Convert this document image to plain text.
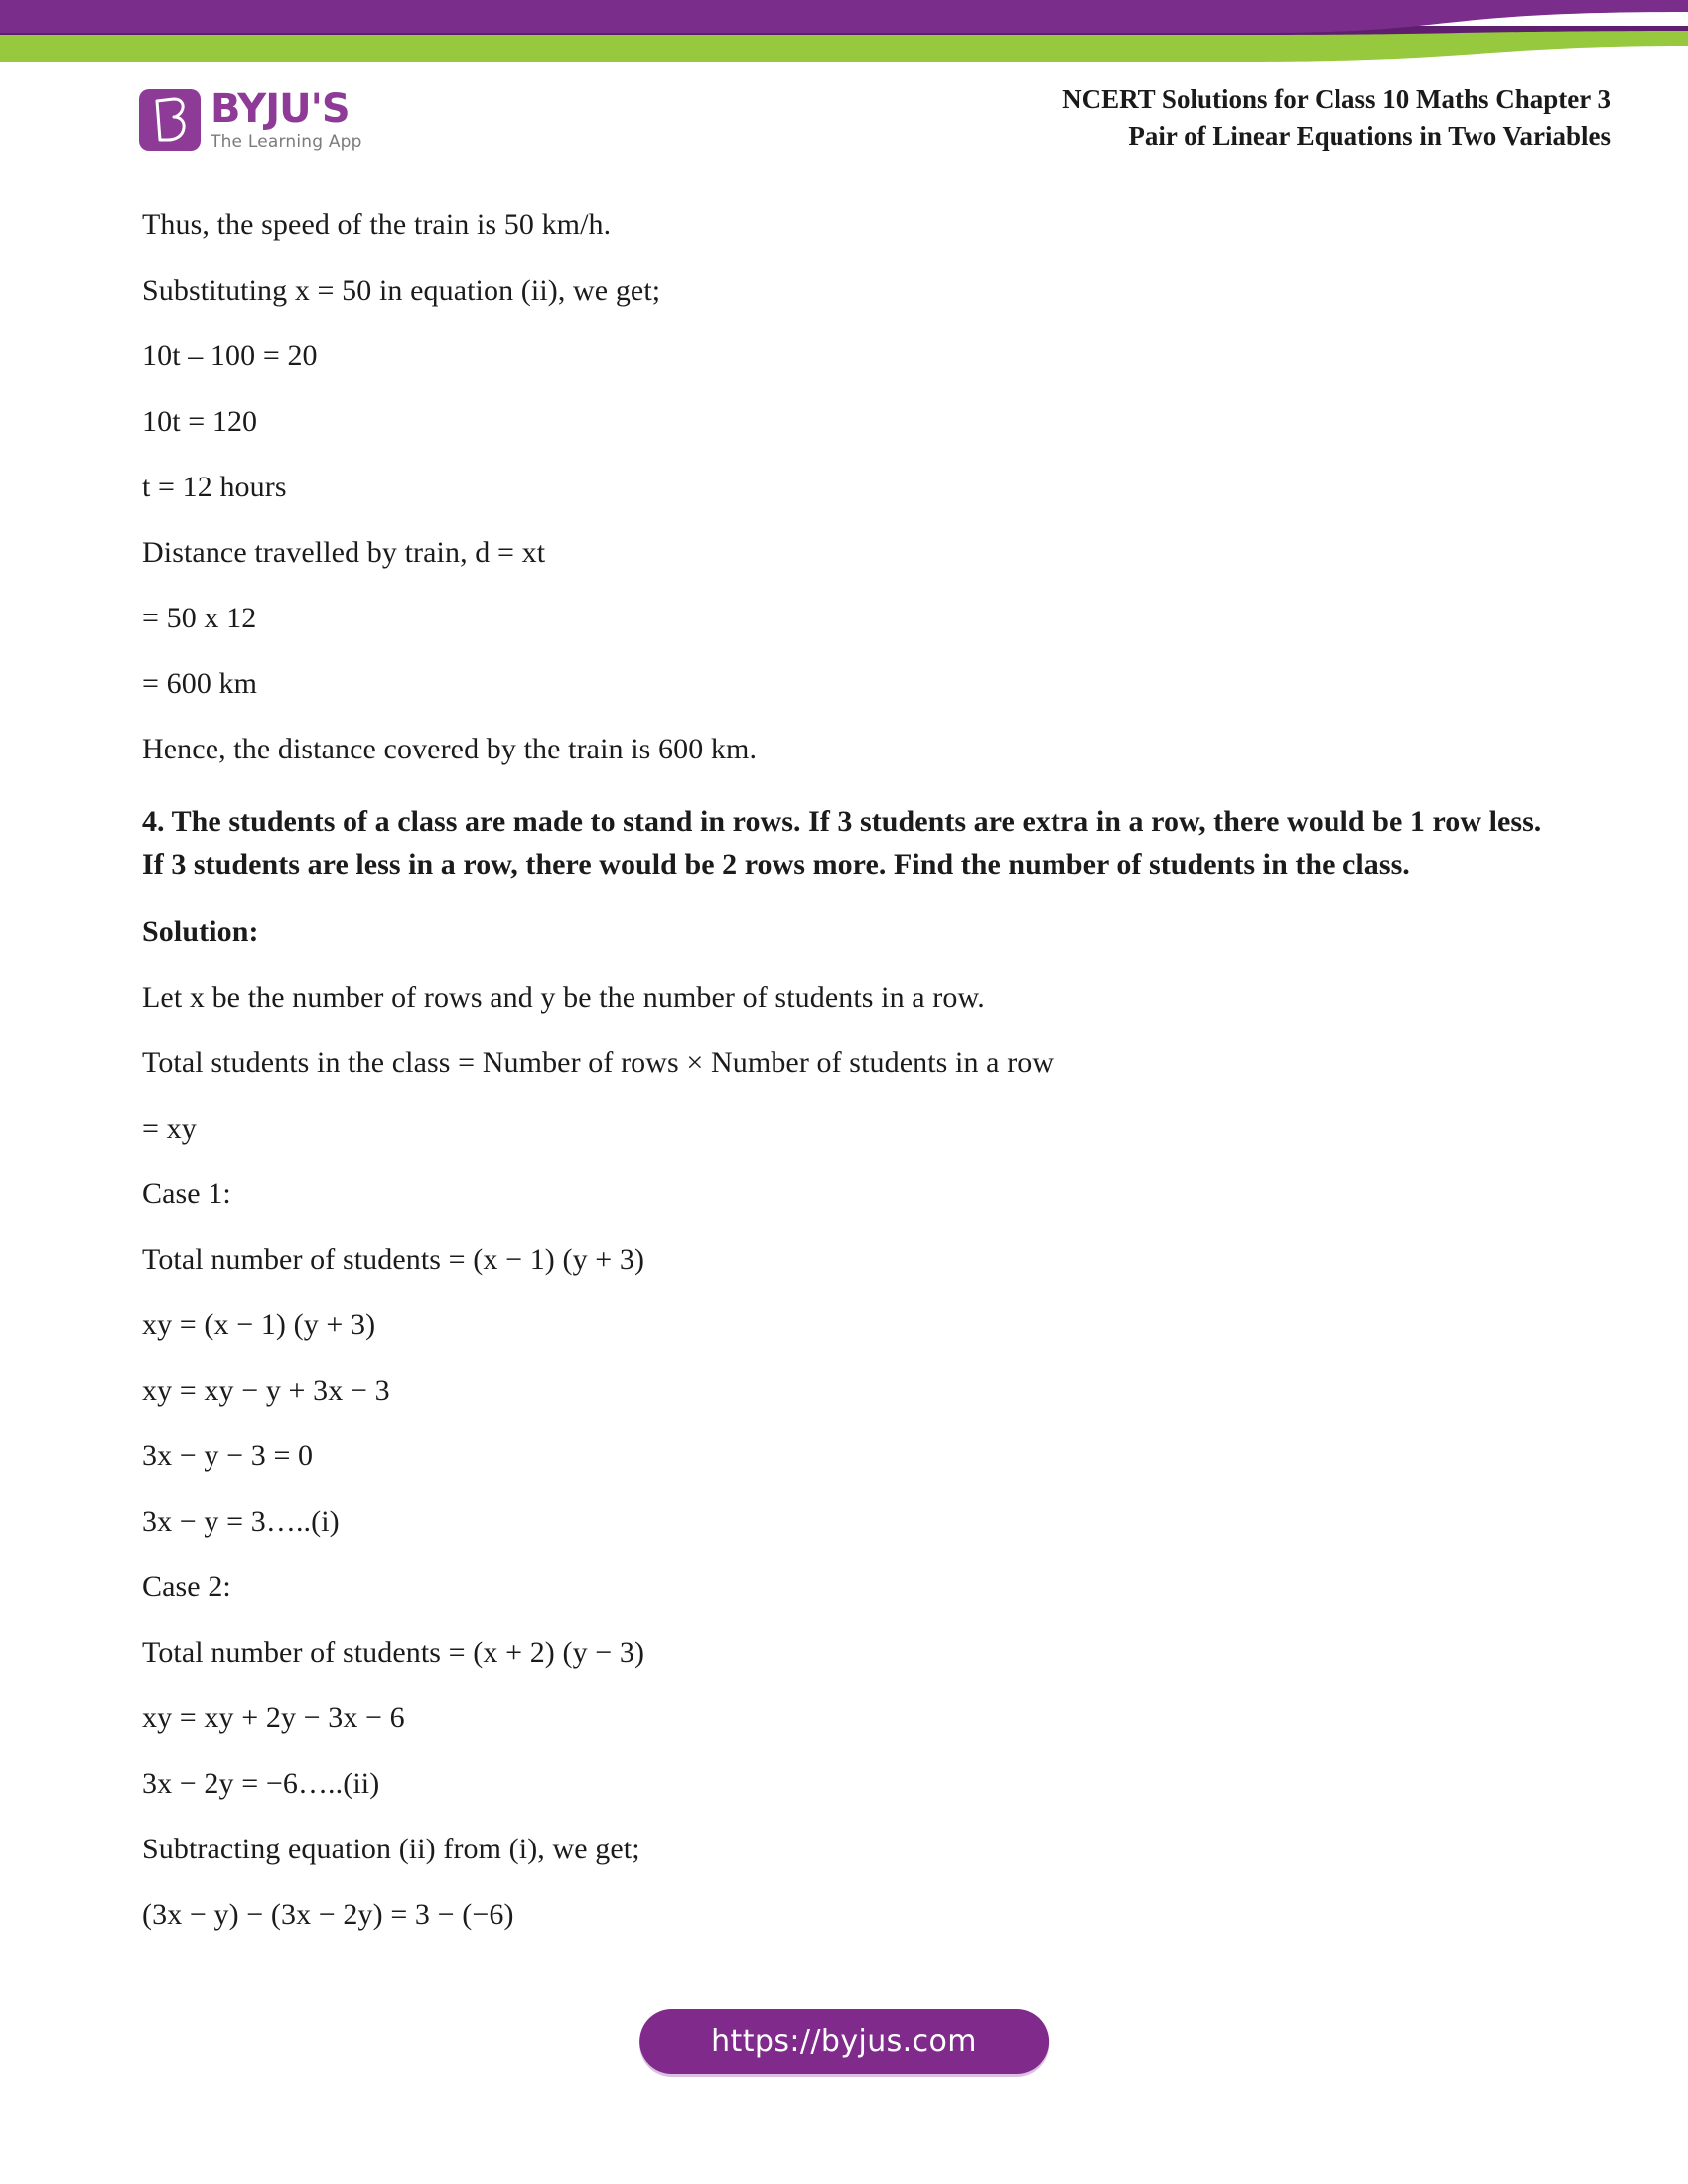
BYJU'S
The Learning App
NCERT Solutions for Class 10 Maths Chapter 3
Pair of Linear Equations in Two Variables

Thus, the speed of the train is 50 km/h.

Substituting x = 50 in equation (ii), we get;

10t – 100 = 20

10t = 120

t = 12 hours

Distance travelled by train, d = xt

= 50 x 12

= 600 km

Hence, the distance covered by the train is 600 km.

4. The students of a class are made to stand in rows. If 3 students are extra in a row, there would be 1 row less. If 3 students are less in a row, there would be 2 rows more. Find the number of students in the class.

Solution:

Let x be the number of rows and y be the number of students in a row.

Total students in the class = Number of rows × Number of students in a row

= xy

Case 1:

Total number of students = (x − 1) (y + 3)

xy = (x − 1) (y + 3)

xy = xy − y + 3x − 3

3x − y − 3 = 0

3x − y = 3…..(i)

Case 2:

Total number of students = (x + 2) (y − 3)

xy = xy + 2y − 3x − 6

3x − 2y = −6…..(ii)

Subtracting equation (ii) from (i), we get;

(3x − y) − (3x − 2y) = 3 − (−6)

https://byjus.com
